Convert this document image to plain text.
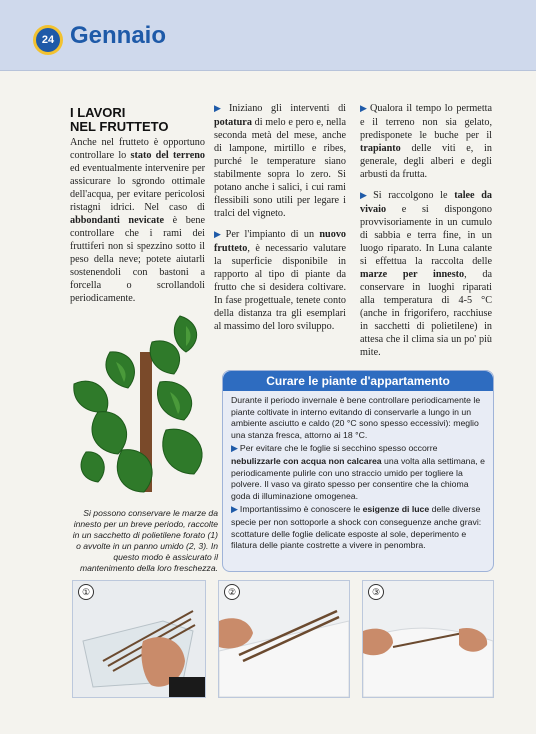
24 Gennaio
I LAVORI
NEL FRUTTETO

Anche nel frutteto è opportuno controllare lo stato del terreno ed eventualmente intervenire per assicurare lo sgrondo ottimale dell'acqua, per evitare pericolosi ristagni idrici. Nel caso di abbondanti nevicate è bene controllare che i rami dei fruttiferi non si spezzino sotto il peso della neve; potete aiutarli sostenendoli con bastoni a forcella o scrollandoli periodicamente.

▶ Iniziano gli interventi di potatura di melo e pero e, nella seconda metà del mese, anche di lampone, mirtillo e ribes, purché le temperature siano stabilmente sopra lo zero. Si potano anche i salici, i cui rami flessibili sono utili per legare i tralci del vigneto.

▶ Per l'impianto di un nuovo frutteto, è necessario valutare la superficie disponibile in rapporto al tipo di piante da frutto che si desidera coltivare. In fase progettuale, tenete conto della distanza tra gli esemplari al massimo del loro sviluppo.

▶ Qualora il tempo lo permetta e il terreno non sia gelato, predisponete le buche per il trapianto delle viti e, in generale, degli alberi e degli arbusti da frutta.

▶ Si raccolgono le talee da vivaio e si dispongono provvisoriamente in un cumulo di sabbia e terra fine, in un luogo riparato. In Luna calante si effettua la raccolta delle marze per innesto, da conservare in luoghi riparati alla temperatura di 4-5 °C (anche in frigorifero, racchiuse in sacchetti di polietilene) in attesa che il clima sia un po' più mite.

Si possono conservare le marze da innesto per un breve periodo, raccolte in un sacchetto di polietilene forato (1) o avvolte in un panno umido (2, 3). In questo modo è assicurato il mantenimento della loro freschezza.
Curare le piante d'appartamento

Durante il periodo invernale è bene controllare periodicamente le piante coltivate in interno evitando di conservarle a lungo in un ambiente asciutto e caldo (20 °C sono spesso eccessivi): meglio una stanza fresca, attorno ai 18 °C.

▶ Per evitare che le foglie si secchino spesso occorre nebulizzarle con acqua non calcarea una volta alla settimana, e periodicamente pulirle con uno straccio umido per togliere la polvere. Il vaso va girato spesso per consentire che la chioma goda di illuminazione omogenea.

▶ Importantissimo è conoscere le esigenze di luce delle diverse specie per non sottoporle a shock con conseguenze anche gravi: scottature delle foglie delicate esposte al sole, deperimento e filatura delle piante costrette a vivere in penombra.

①	②	③
